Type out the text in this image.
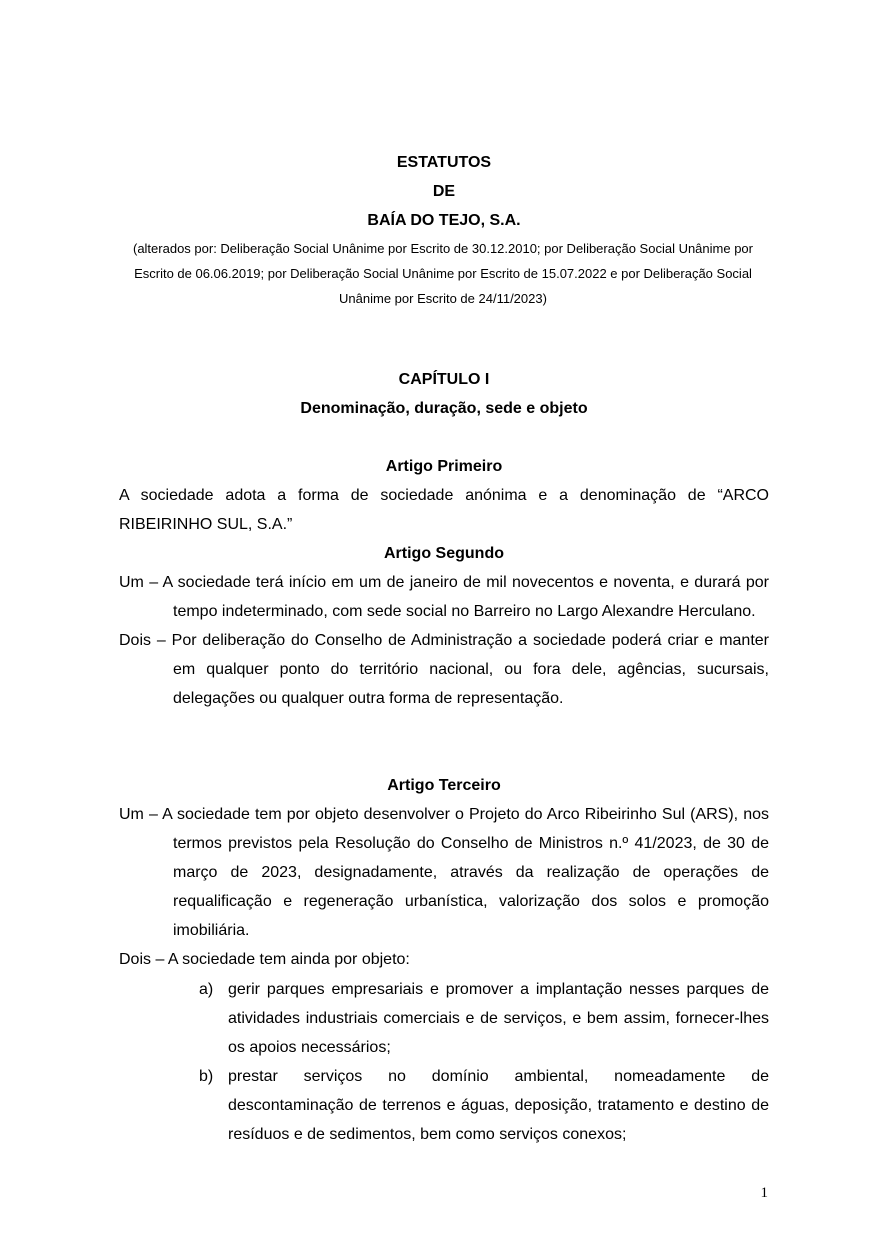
ESTATUTOS
DE
BAÍA DO TEJO, S.A.
(alterados por: Deliberação Social Unânime por Escrito de 30.12.2010; por Deliberação Social Unânime por Escrito de 06.06.2019; por Deliberação Social Unânime por Escrito de 15.07.2022 e por Deliberação Social Unânime por Escrito de 24/11/2023)
CAPÍTULO I
Denominação, duração, sede e objeto
Artigo Primeiro
A sociedade adota a forma de sociedade anónima e a denominação de “ARCO RIBEIRINHO SUL, S.A.”
Artigo Segundo
Um – A sociedade terá início em um de janeiro de mil novecentos e noventa, e durará por tempo indeterminado, com sede social no Barreiro no Largo Alexandre Herculano.
Dois – Por deliberação do Conselho de Administração a sociedade poderá criar e manter em qualquer ponto do território nacional, ou fora dele, agências, sucursais, delegações ou qualquer outra forma de representação.
Artigo Terceiro
Um – A sociedade tem por objeto desenvolver o Projeto do Arco Ribeirinho Sul (ARS), nos termos previstos pela Resolução do Conselho de Ministros n.º 41/2023, de 30 de março de 2023, designadamente, através da realização de operações de requalificação e regeneração urbanística, valorização dos solos e promoção imobiliária.
Dois – A sociedade tem ainda por objeto:
a) gerir parques empresariais e promover a implantação nesses parques de atividades industriais comerciais e de serviços, e bem assim, fornecer-lhes os apoios necessários;
b) prestar serviços no domínio ambiental, nomeadamente de descontaminação de terrenos e águas, deposição, tratamento e destino de resíduos e de sedimentos, bem como serviços conexos;
1
